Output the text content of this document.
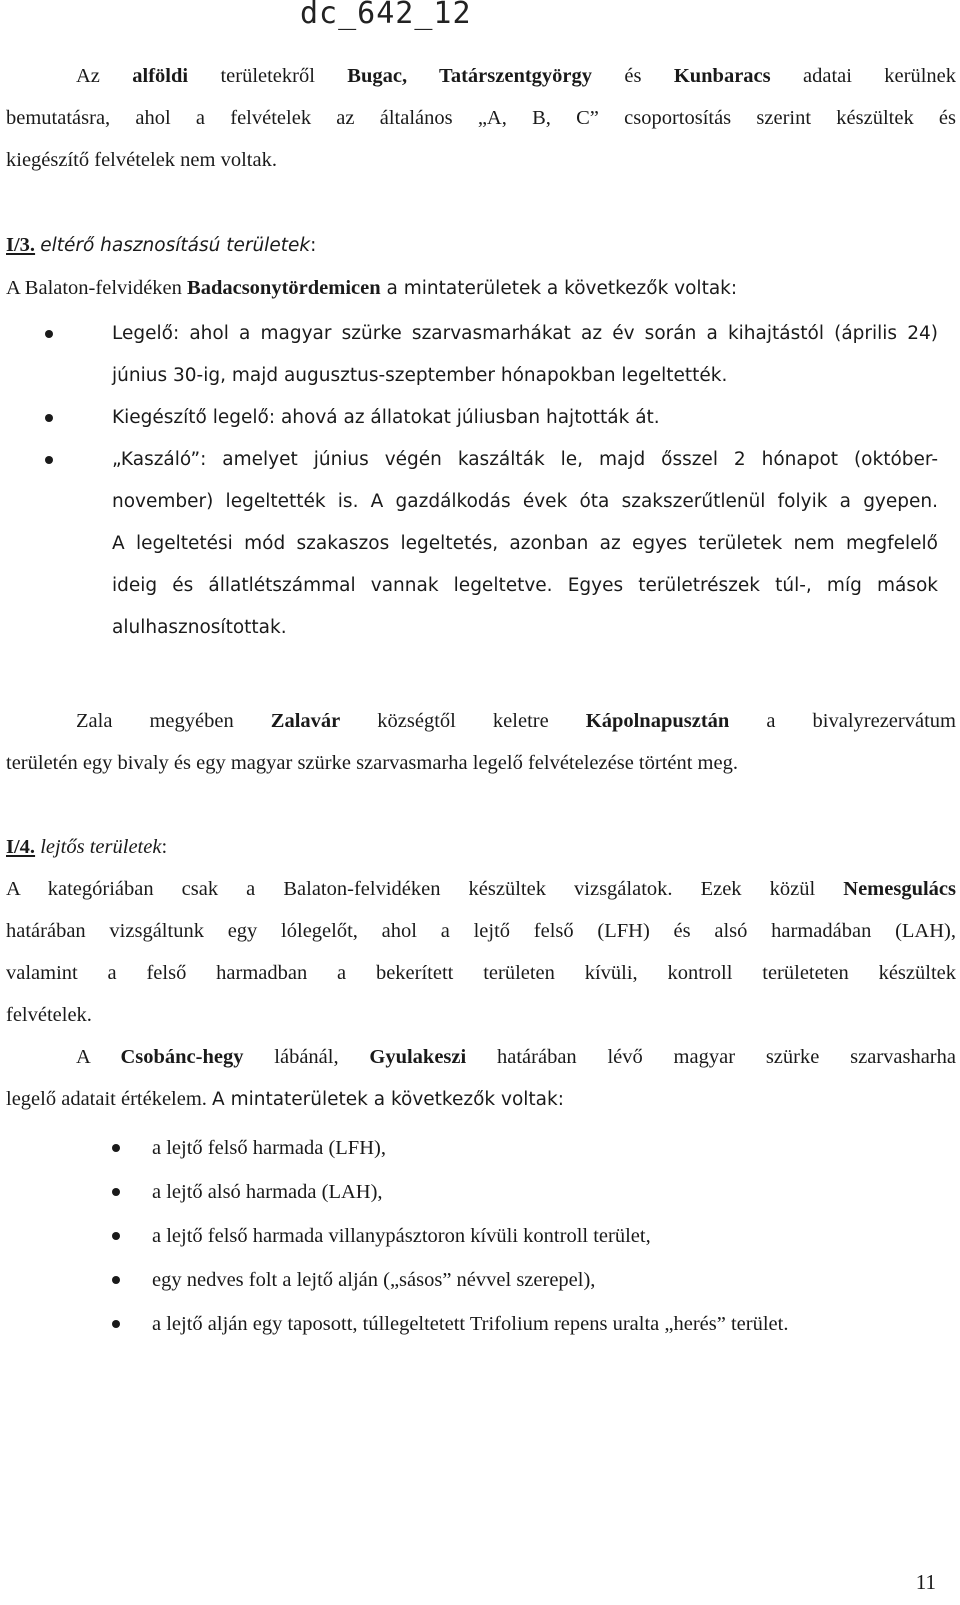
dc_642_12
Az alföldi területekről Bugac, Tatárszentgyörgy és Kunbaracs adatai kerülnek
bemutatásra, ahol a felvételek az általános „A, B, C” csoportosítás szerint készültek és
kiegészítő felvételek nem voltak.
I/3. eltérő hasznosítású területek:
A Balaton-felvidéken Badacsonytördemicen a mintaterületek a következők voltak:
Legelő: ahol a magyar szürke szarvasmarhákat az év során a kihajtástól (április 24)
június 30-ig, majd augusztus-szeptember hónapokban legeltették.
Kiegészítő legelő: ahová az állatokat júliusban hajtották át.
„Kaszáló”: amelyet június végén kaszálták le, majd ősszel 2 hónapot (október-
november) legeltették is. A gazdálkodás évek óta szakszerűtlenül folyik a gyepen.
A legeltetési mód szakaszos legeltetés, azonban az egyes területek nem megfelelő
ideig és állatlétszámmal vannak legeltetve. Egyes területrészek túl-, míg mások
alulhasznosítottak.
Zala megyében Zalavár községtől keletre Kápolnapusztán a bivalyrezervátum
területén egy bivaly és egy magyar szürke szarvasmarha legelő felvételezése történt meg.
I/4. lejtős területek:
A kategóriában csak a Balaton-felvidéken készültek vizsgálatok. Ezek közül Nemesgulács
határában vizsgáltunk egy lólegelőt, ahol a lejtő felső (LFH) és alsó harmadában (LAH),
valamint a felső harmadban a bekerített területen kívüli, kontroll területeten készültek
felvételek.
A Csobánc-hegy lábánál, Gyulakeszi határában lévő magyar szürke szarvasharha
legelő adatait értékelem. A mintaterületek a következők voltak:
a lejtő felső harmada (LFH),
a lejtő alsó harmada (LAH),
a lejtő felső harmada villanypásztoron kívüli kontroll terület,
egy nedves folt a lejtő alján („sásos” névvel szerepel),
a lejtő alján egy taposott, túllegeltetett Trifolium repens uralta „herés” terület.
11
